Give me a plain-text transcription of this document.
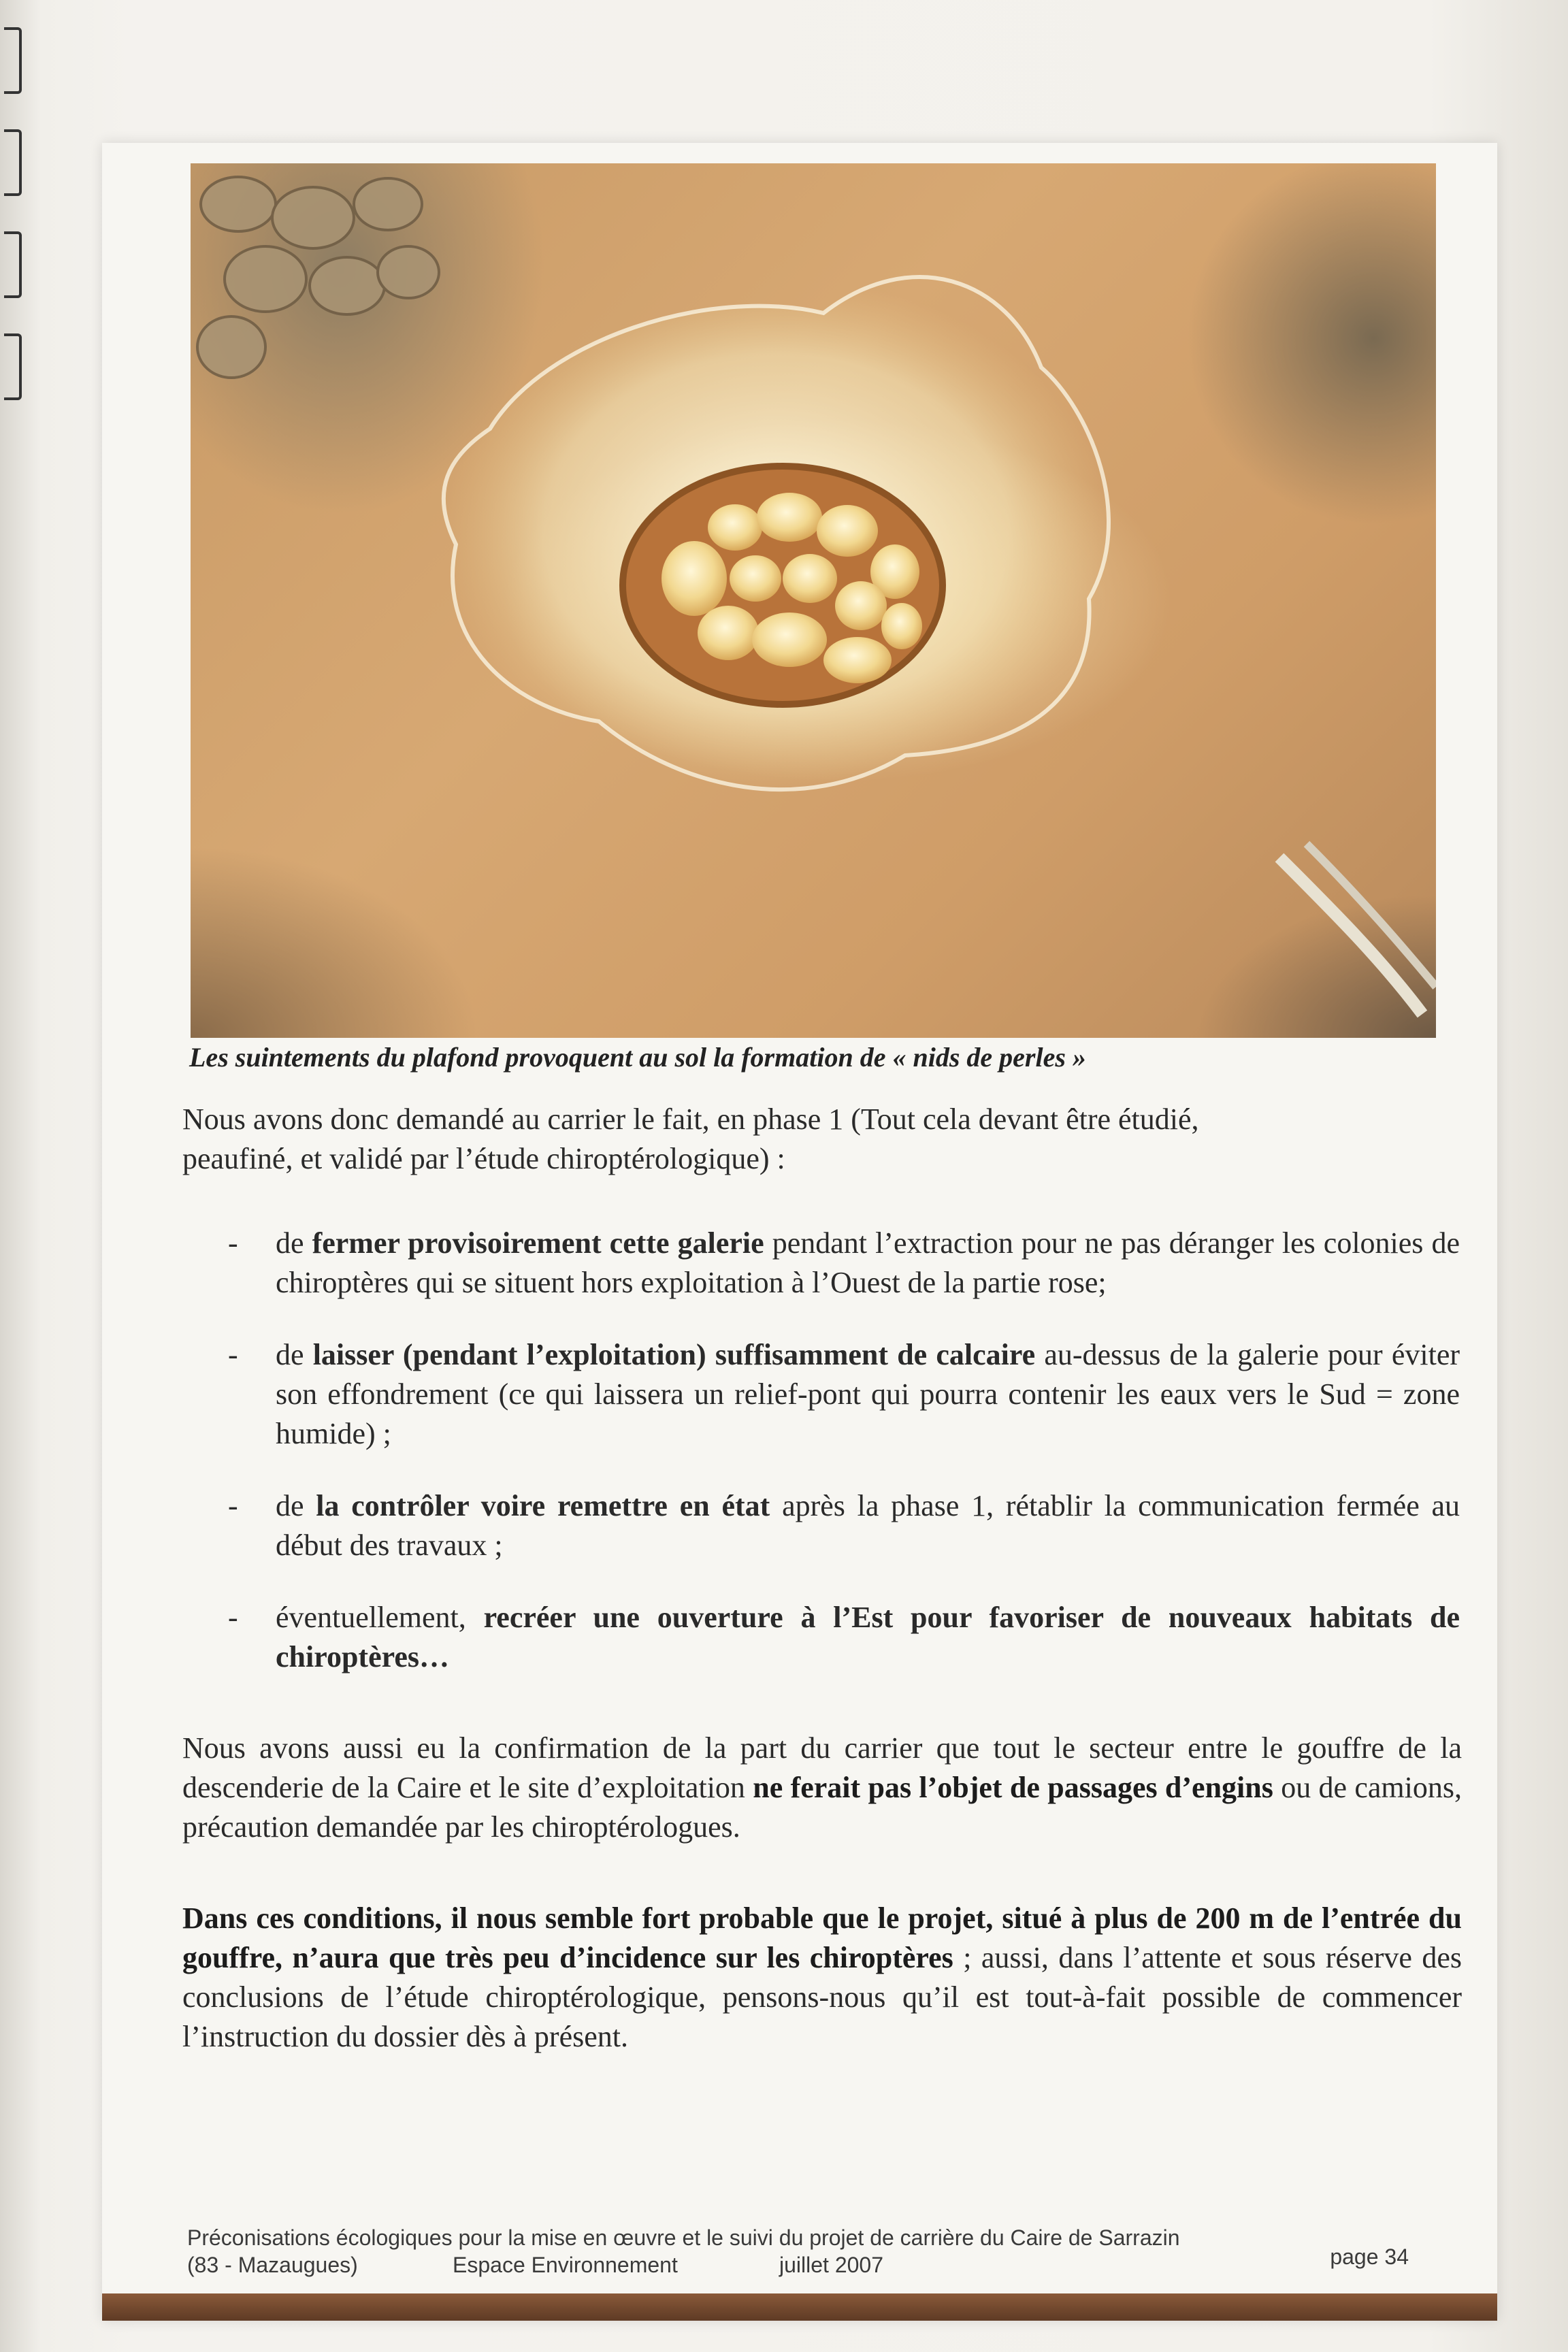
Les suintements du plafond provoquent au sol la formation de « nids de perles »
Nous avons donc demandé au carrier le fait, en phase 1 (Tout cela devant être étudié,
peaufiné, et validé par l’étude chiroptérologique) :
- de fermer provisoirement cette galerie pendant l’extraction pour ne pas déranger les colonies de chiroptères qui se situent hors exploitation à l’Ouest de la partie rose;
- de laisser (pendant l’exploitation) suffisamment de calcaire au-dessus de la galerie pour éviter son effondrement (ce qui laissera un relief-pont qui pourra contenir les eaux vers le Sud = zone humide) ;
- de la contrôler voire remettre en état après la phase 1, rétablir la communication fermée au début des travaux ;
- éventuellement, recréer une ouverture à l’Est pour favoriser de nouveaux habitats de chiroptères…
Nous avons aussi eu la confirmation de la part du carrier que tout le secteur entre le gouffre de la descenderie de la Caire et le site d’exploitation ne ferait pas l’objet de passages d’engins ou de camions, précaution demandée par les chiroptérologues.
Dans ces conditions, il nous semble fort probable que le projet, situé à plus de 200 m de l’entrée du gouffre, n’aura que très peu d’incidence sur les chiroptères ; aussi, dans l’attente et sous réserve des conclusions de l’étude chiroptérologique, pensons-nous qu’il est tout-à-fait possible de commencer l’instruction du dossier dès à présent.
Préconisations écologiques pour la mise en œuvre et le suivi du projet de carrière du Caire de Sarrazin
(83 - Mazaugues)	Espace Environnement	juillet 2007	page 34
